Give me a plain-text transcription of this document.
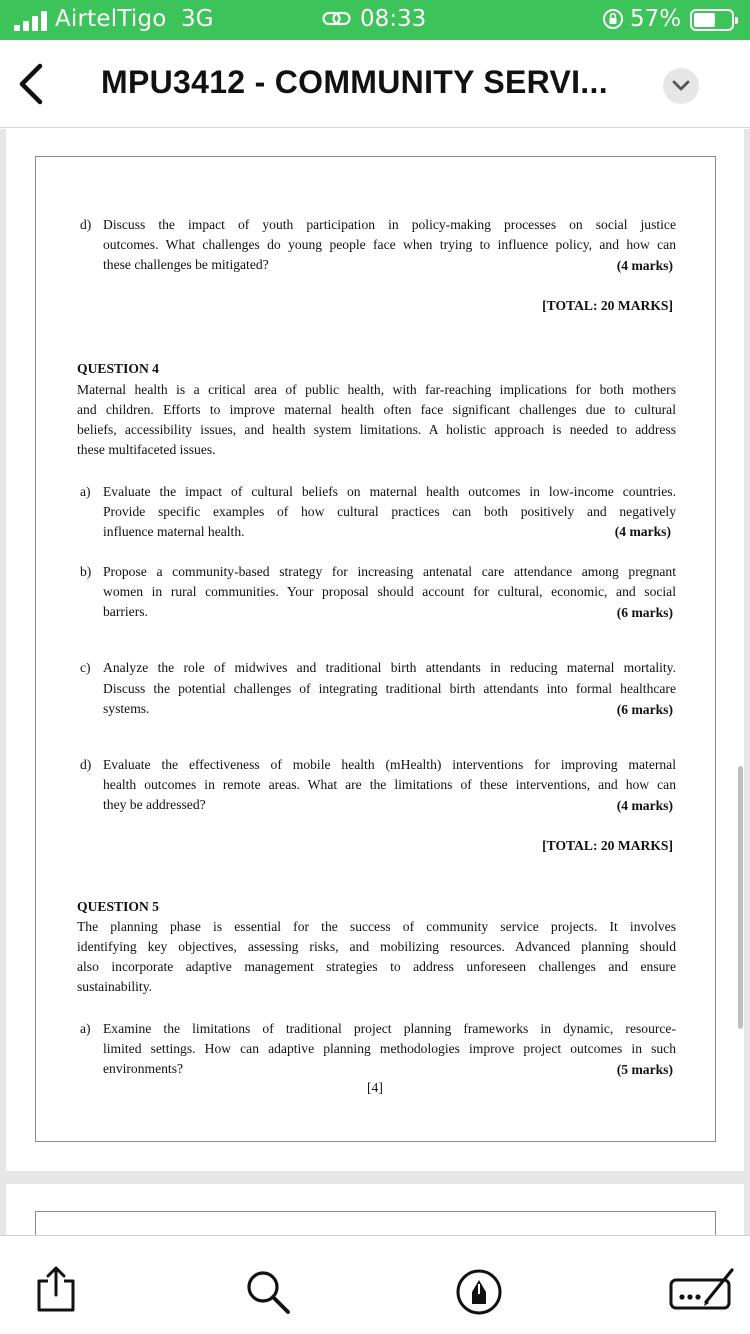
AirtelTigo 3G	08:33	57%
MPU3412 - COMMUNITY SERVI...
d) Discuss the impact of youth participation in policy-making processes on social justice
outcomes. What challenges do young people face when trying to influence policy, and how can
these challenges be mitigated?	(4 marks)
[TOTAL: 20 MARKS]
QUESTION 4
Maternal health is a critical area of public health, with far-reaching implications for both mothers
and children. Efforts to improve maternal health often face significant challenges due to cultural
beliefs, accessibility issues, and health system limitations. A holistic approach is needed to address
these multifaceted issues.
a) Evaluate the impact of cultural beliefs on maternal health outcomes in low-income countries.
Provide specific examples of how cultural practices can both positively and negatively
influence maternal health.	(4 marks)
b) Propose a community-based strategy for increasing antenatal care attendance among pregnant
women in rural communities. Your proposal should account for cultural, economic, and social
barriers.	(6 marks)
c) Analyze the role of midwives and traditional birth attendants in reducing maternal mortality.
Discuss the potential challenges of integrating traditional birth attendants into formal healthcare
systems.	(6 marks)
d) Evaluate the effectiveness of mobile health (mHealth) interventions for improving maternal
health outcomes in remote areas. What are the limitations of these interventions, and how can
they be addressed?	(4 marks)
[TOTAL: 20 MARKS]
QUESTION 5
The planning phase is essential for the success of community service projects. It involves
identifying key objectives, assessing risks, and mobilizing resources. Advanced planning should
also incorporate adaptive management strategies to address unforeseen challenges and ensure
sustainability.
a) Examine the limitations of traditional project planning frameworks in dynamic, resource-
limited settings. How can adaptive planning methodologies improve project outcomes in such
environments?	(5 marks)
[4]
